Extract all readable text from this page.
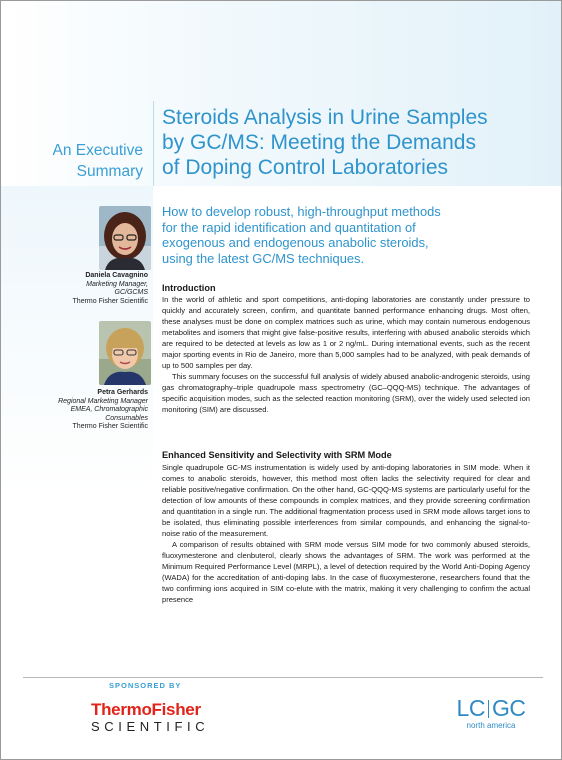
An Executive
Summary
Steroids Analysis in Urine Samples
by GC/MS: Meeting the Demands
of Doping Control Laboratories
Daniela Cavagnino
Marketing Manager,
GC/GCMS
Thermo Fisher Scientific
Petra Gerhards
Regional Marketing Manager
EMEA, Chromatographic
Consumables
Thermo Fisher Scientific
How to develop robust, high-throughput methods
for the rapid identification and quantitation of
exogenous and endogenous anabolic steroids,
using the latest GC/MS techniques.
Introduction

In the world of athletic and sport competitions, anti-doping laboratories are constantly under pressure to quickly and accurately screen, confirm, and quantitate banned performance enhancing drugs. Most often, these analyses must be done on complex matrices such as urine, which may contain numerous endogenous metabolites and isomers that might give false-positive results, interfering with abused anabolic steroids which are required to be detected at levels as low as 1 or 2 ng/mL. During international events, such as the recent major sporting events in Rio de Janeiro, more than 5,000 samples had to be analyzed, with peak demands of up to 500 samples per day.

This summary focuses on the successful full analysis of widely abused anabolic-androgenic steroids, using gas chromatography–triple quadrupole mass spectrometry (GC–QQQ-MS) technique. The advantages of specific acquisition modes, such as the selected reaction monitoring (SRM), over the widely used selected ion monitoring (SIM) are discussed.

Enhanced Sensitivity and Selectivity with SRM Mode

Single quadrupole GC-MS instrumentation is widely used by anti-doping laboratories in SIM mode. When it comes to anabolic steroids, however, this method most often lacks the selectivity required for clear and reliable positive/negative confirmation. On the other hand, GC-QQQ-MS systems are particularly useful for the detection of low amounts of these compounds in complex matrices, and they provide screening confirmation and quantitation in a single run. The additional fragmentation process used in SRM mode allows target ions to be isolated, thus eliminating possible interferences from similar compounds, and enhancing the signal-to-noise ratio of the measurement.

A comparison of results obtained with SRM mode versus SIM mode for two commonly abused steroids, fluoxymesterone and clenbuterol, clearly shows the advantages of SRM. The work was performed at the Minimum Required Performance Level (MRPL), a level of detection required by the World Anti-Doping Agency (WADA) for the accreditation of anti-doping labs. In the case of fluoxymesterone, researchers found that the two confirming ions acquired in SIM co-elute with the matrix, making it very challenging to confirm the actual presence

SPONSORED BY
ThermoFisher
SCIENTIFIC
LC GC
north america
